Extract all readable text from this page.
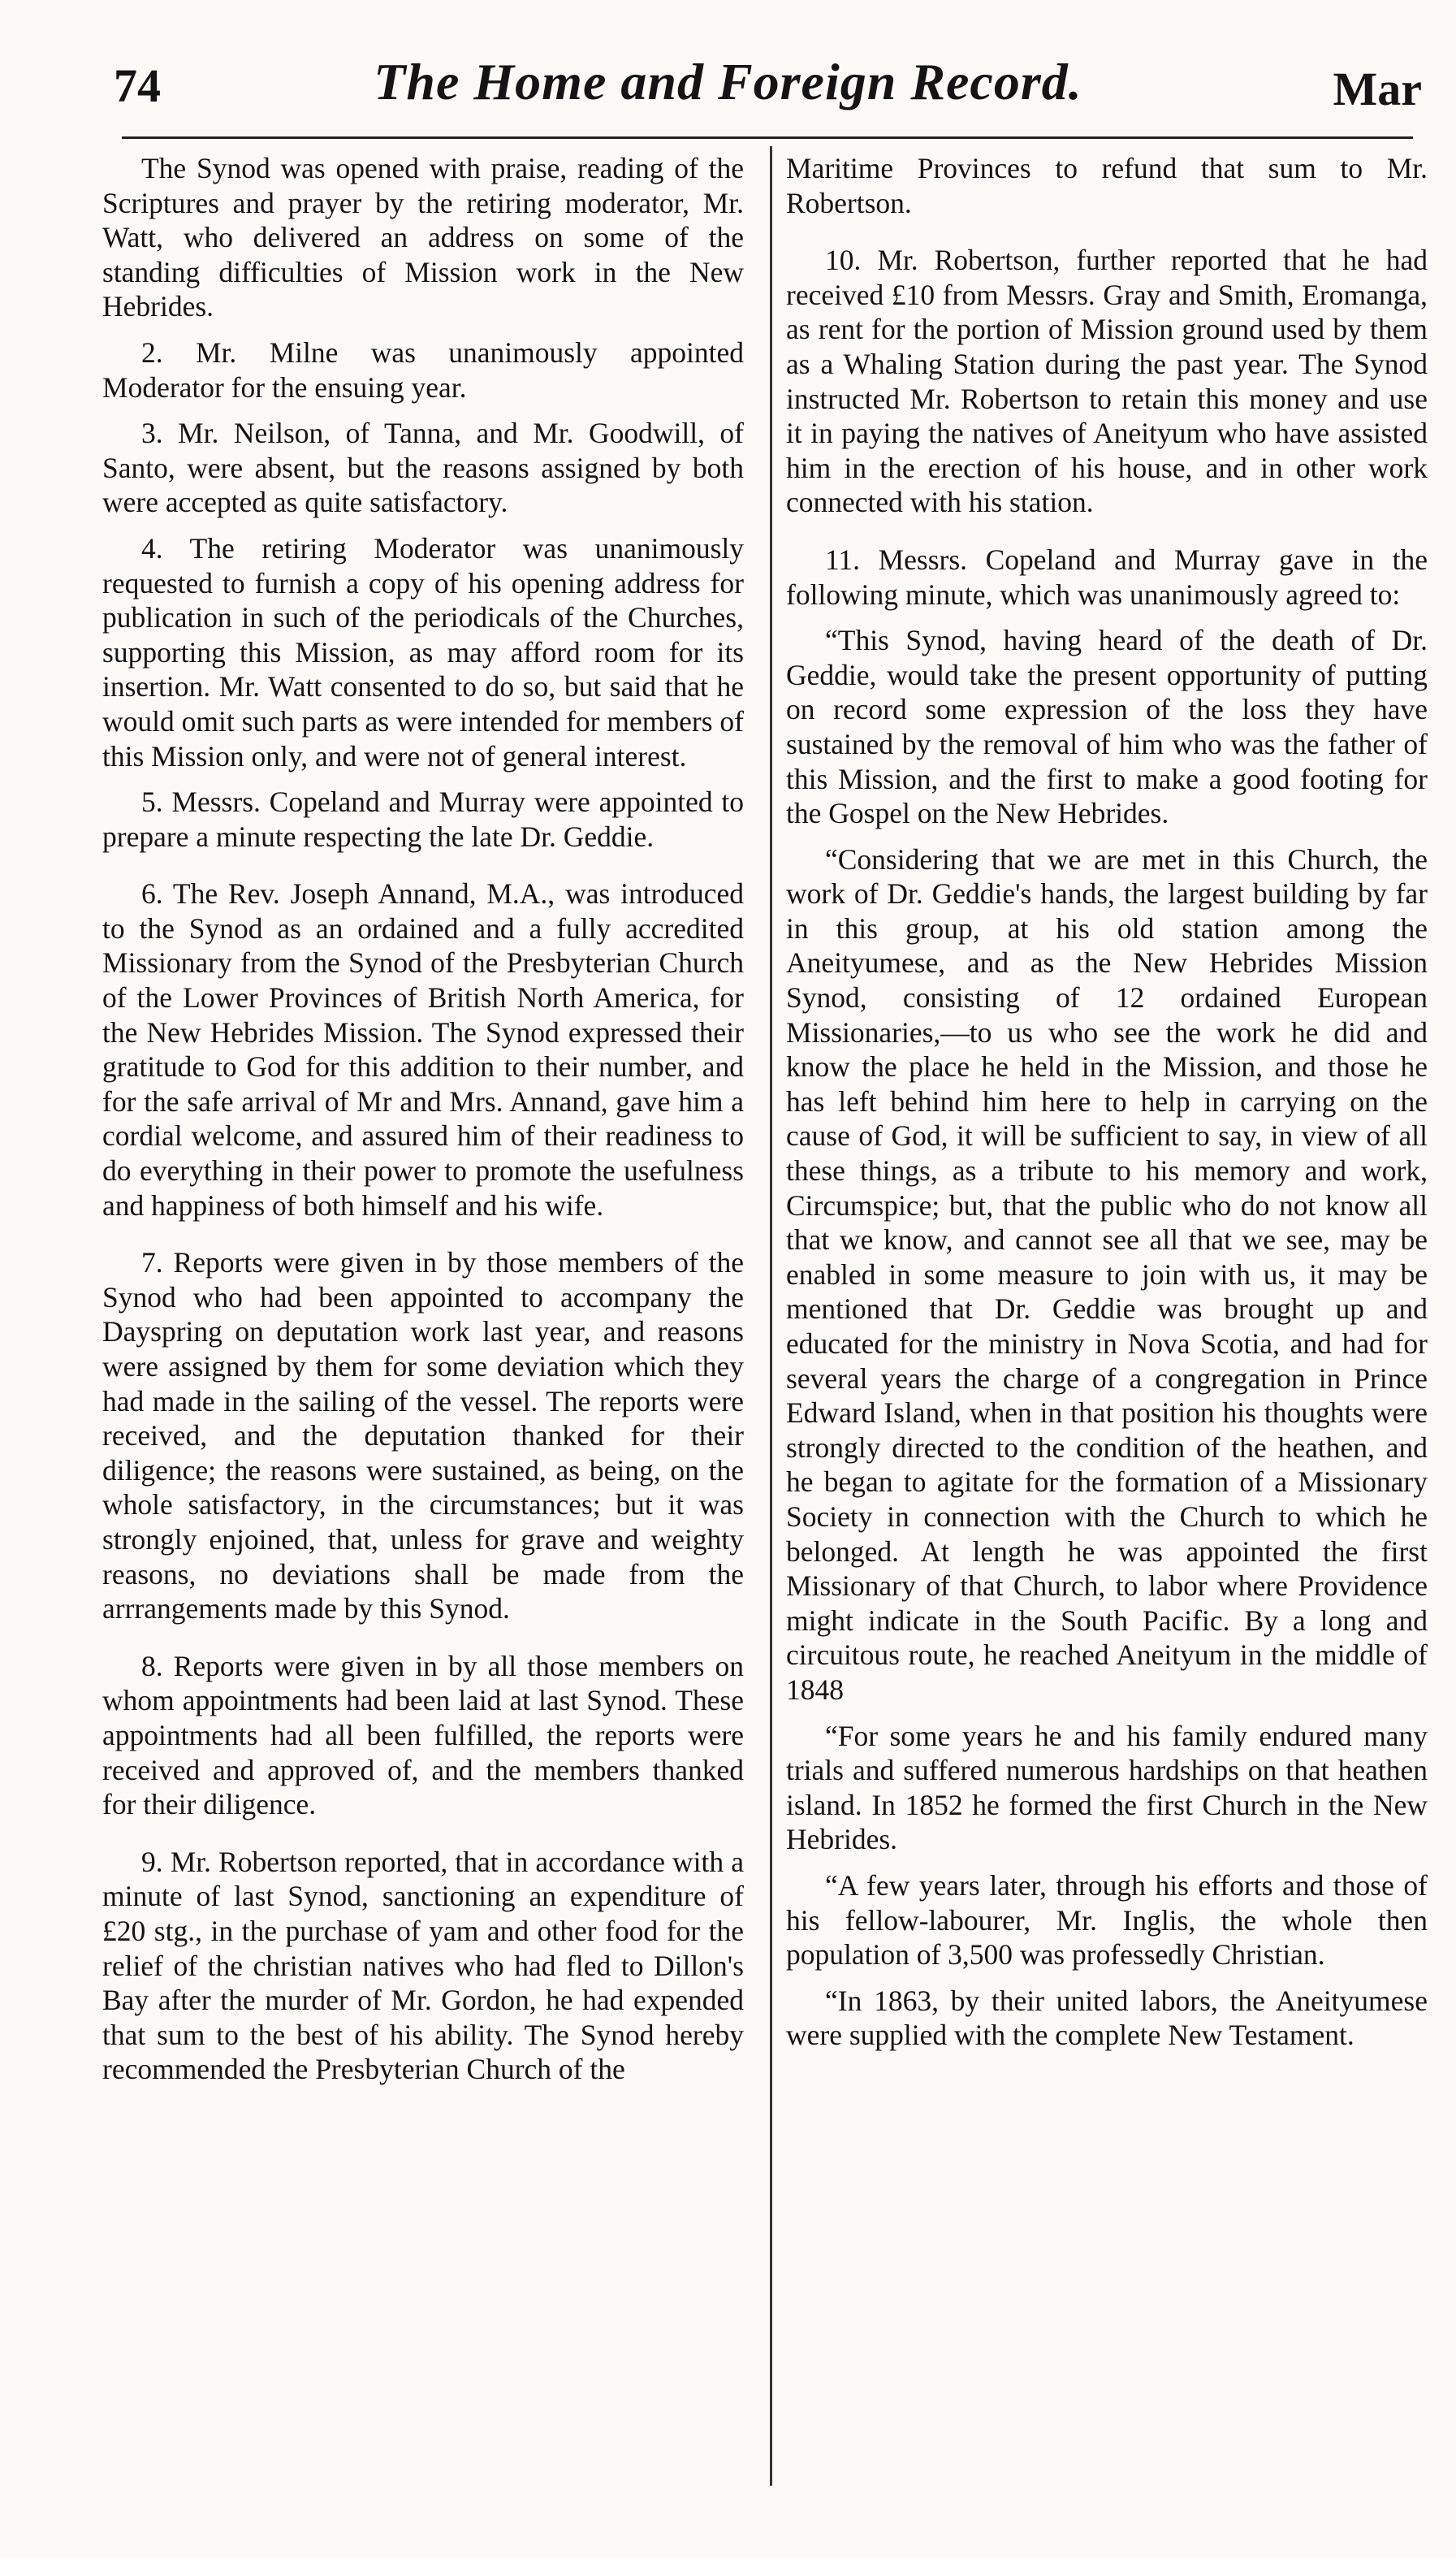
74	The Home and Foreign Record.	Mar

The Synod was opened with praise, reading of the Scriptures and prayer by the retiring moderator, Mr. Watt, who delivered an address on some of the standing difficulties of Mission work in the New Hebrides.

2. Mr. Milne was unanimously appointed Moderator for the ensuing year.

3. Mr. Neilson, of Tanna, and Mr. Goodwill, of Santo, were absent, but the reasons assigned by both were accepted as quite satisfactory.

4. The retiring Moderator was unanimously requested to furnish a copy of his opening address for publication in such of the periodicals of the Churches, supporting this Mission, as may afford room for its insertion. Mr. Watt consented to do so, but said that he would omit such parts as were intended for members of this Mission only, and were not of general interest.

5. Messrs. Copeland and Murray were appointed to prepare a minute respecting the late Dr. Geddie.

6. The Rev. Joseph Annand, M.A., was introduced to the Synod as an ordained and a fully accredited Missionary from the Synod of the Presbyterian Church of the Lower Provinces of British North America, for the New Hebrides Mission. The Synod expressed their gratitude to God for this addition to their number, and for the safe arrival of Mr and Mrs. Annand, gave him a cordial welcome, and assured him of their readiness to do everything in their power to promote the usefulness and happiness of both himself and his wife.

7. Reports were given in by those members of the Synod who had been appointed to accompany the Dayspring on deputation work last year, and reasons were assigned by them for some deviation which they had made in the sailing of the vessel. The reports were received, and the deputation thanked for their diligence; the reasons were sustained, as being, on the whole satisfactory, in the circumstances; but it was strongly enjoined, that, unless for grave and weighty reasons, no deviations shall be made from the arrrangements made by this Synod.

8. Reports were given in by all those members on whom appointments had been laid at last Synod. These appointments had all been fulfilled, the reports were received and approved of, and the members thanked for their diligence.

9. Mr. Robertson reported, that in accordance with a minute of last Synod, sanctioning an expenditure of £20 stg., in the purchase of yam and other food for the relief of the christian natives who had fled to Dillon's Bay after the murder of Mr. Gordon, he had expended that sum to the best of his ability. The Synod hereby recommended the Presbyterian Church of the

Maritime Provinces to refund that sum to Mr. Robertson.

10. Mr. Robertson, further reported that he had received £10 from Messrs. Gray and Smith, Eromanga, as rent for the portion of Mission ground used by them as a Whaling Station during the past year. The Synod instructed Mr. Robertson to retain this money and use it in paying the natives of Aneityum who have assisted him in the erection of his house, and in other work connected with his station.

11. Messrs. Copeland and Murray gave in the following minute, which was unanimously agreed to:

“This Synod, having heard of the death of Dr. Geddie, would take the present opportunity of putting on record some expression of the loss they have sustained by the removal of him who was the father of this Mission, and the first to make a good footing for the Gospel on the New Hebrides.

“Considering that we are met in this Church, the work of Dr. Geddie's hands, the largest building by far in this group, at his old station among the Aneityumese, and as the New Hebrides Mission Synod, consisting of 12 ordained European Missionaries,—to us who see the work he did and know the place he held in the Mission, and those he has left behind him here to help in carrying on the cause of God, it will be sufficient to say, in view of all these things, as a tribute to his memory and work, Circumspice; but, that the public who do not know all that we know, and cannot see all that we see, may be enabled in some measure to join with us, it may be mentioned that Dr. Geddie was brought up and educated for the ministry in Nova Scotia, and had for several years the charge of a congregation in Prince Edward Island, when in that position his thoughts were strongly directed to the condition of the heathen, and he began to agitate for the formation of a Missionary Society in connection with the Church to which he belonged. At length he was appointed the first Missionary of that Church, to labor where Providence might indicate in the South Pacific. By a long and circuitous route, he reached Aneityum in the middle of 1848

“For some years he and his family endured many trials and suffered numerous hardships on that heathen island. In 1852 he formed the first Church in the New Hebrides.

“A few years later, through his efforts and those of his fellow-labourer, Mr. Inglis, the whole then population of 3,500 was professedly Christian.

“In 1863, by their united labors, the Aneityumese were supplied with the complete New Testament.
